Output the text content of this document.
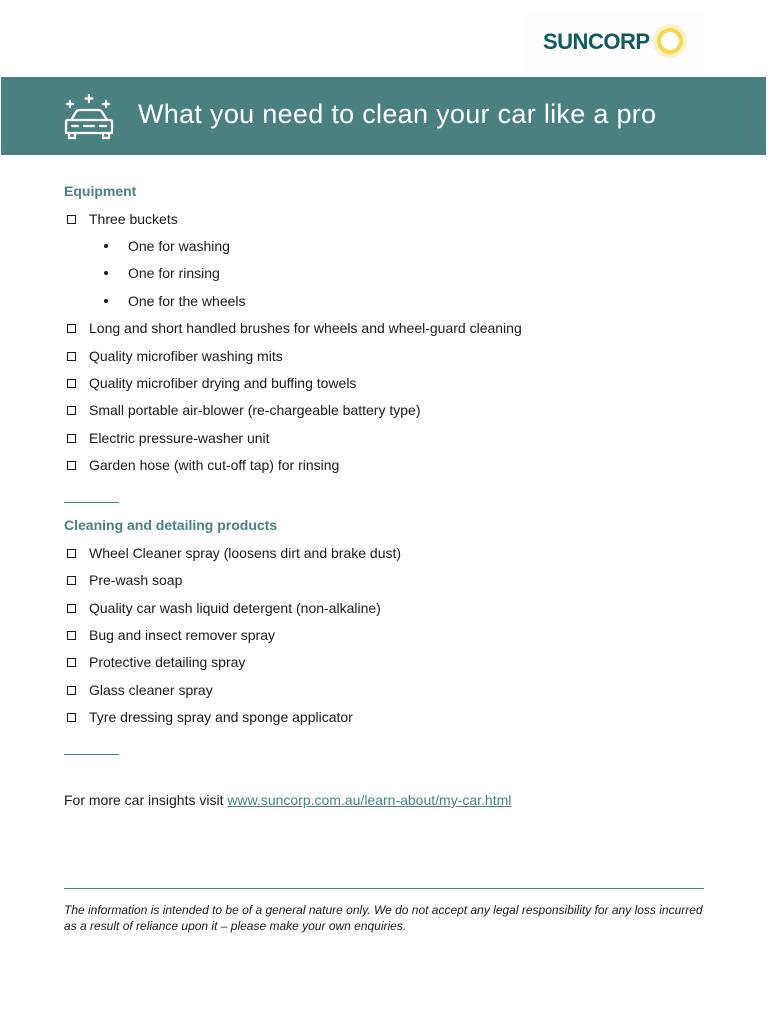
SUNCORP
What you need to clean your car like a pro
Equipment
Three buckets
One for washing
One for rinsing
One for the wheels
Long and short handled brushes for wheels and wheel-guard cleaning
Quality microfiber washing mits
Quality microfiber drying and buffing towels
Small portable air-blower (re-chargeable battery type)
Electric pressure-washer unit
Garden hose (with cut-off tap) for rinsing
Cleaning and detailing products
Wheel Cleaner spray (loosens dirt and brake dust)
Pre-wash soap
Quality car wash liquid detergent (non-alkaline)
Bug and insect remover spray
Protective detailing spray
Glass cleaner spray
Tyre dressing spray and sponge applicator
For more car insights visit www.suncorp.com.au/learn-about/my-car.html
The information is intended to be of a general nature only. We do not accept any legal responsibility for any loss incurred as a result of reliance upon it – please make your own enquiries.
